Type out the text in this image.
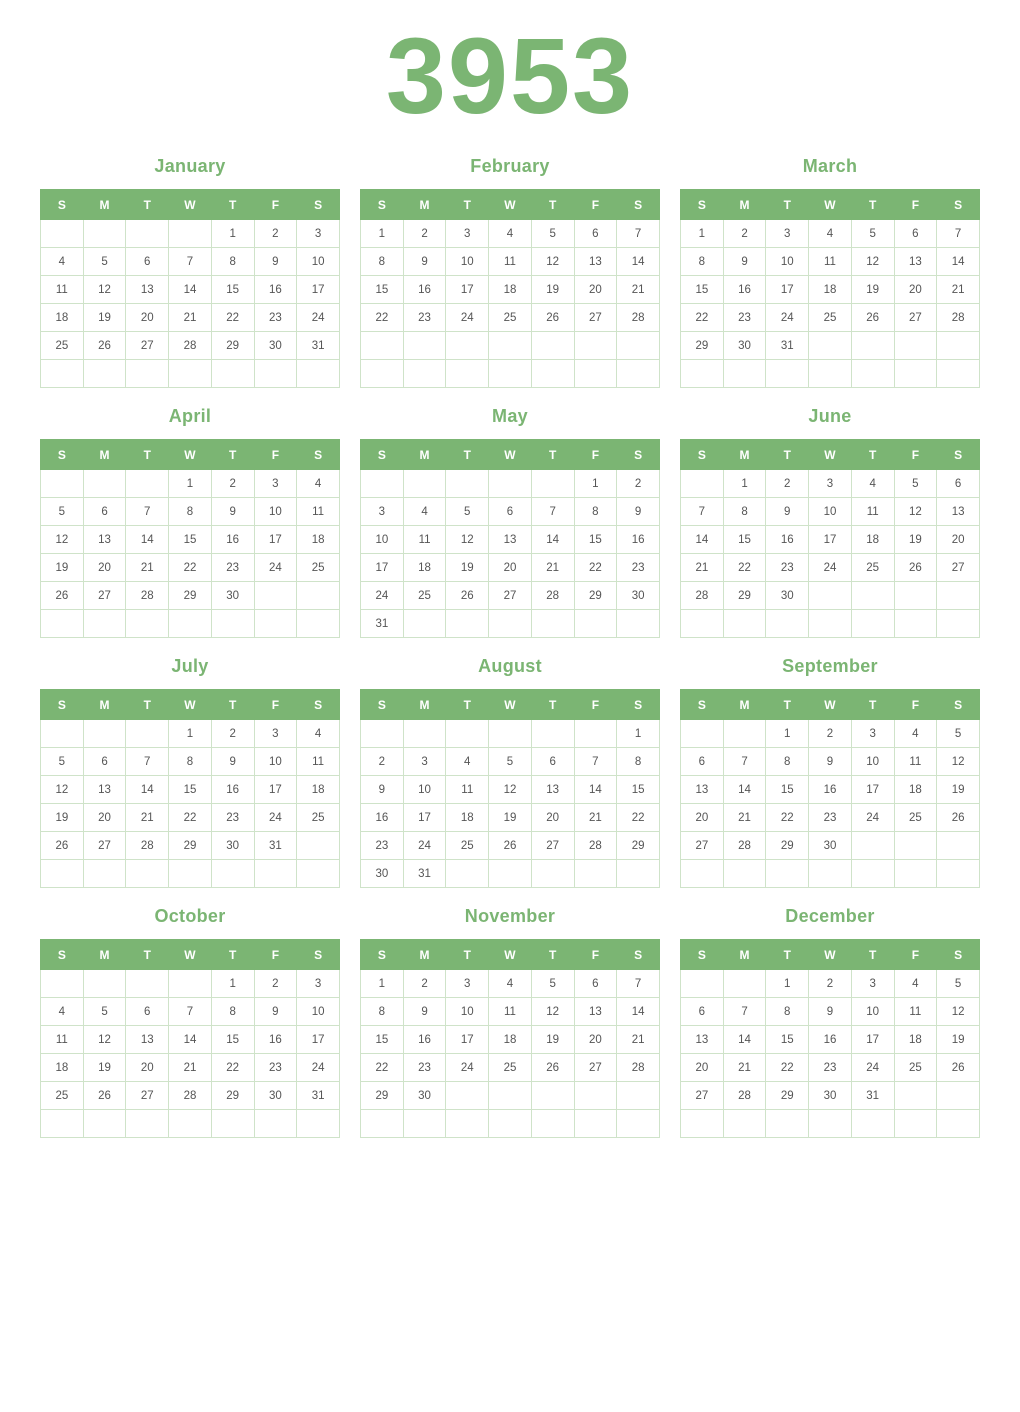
3953
January
S	M	T	W	T	F	S
				1	2	3
4	5	6	7	8	9	10
11	12	13	14	15	16	17
18	19	20	21	22	23	24
25	26	27	28	29	30	31

February
S	M	T	W	T	F	S
1	2	3	4	5	6	7
8	9	10	11	12	13	14
15	16	17	18	19	20	21
22	23	24	25	26	27	28

March
S	M	T	W	T	F	S
1	2	3	4	5	6	7
8	9	10	11	12	13	14
15	16	17	18	19	20	21
22	23	24	25	26	27	28
29	30	31				

April
S	M	T	W	T	F	S
			1	2	3	4
5	6	7	8	9	10	11
12	13	14	15	16	17	18
19	20	21	22	23	24	25
26	27	28	29	30		

May
S	M	T	W	T	F	S
					1	2
3	4	5	6	7	8	9
10	11	12	13	14	15	16
17	18	19	20	21	22	23
24	25	26	27	28	29	30
31						
June
S	M	T	W	T	F	S
	1	2	3	4	5	6
7	8	9	10	11	12	13
14	15	16	17	18	19	20
21	22	23	24	25	26	27
28	29	30				

July
S	M	T	W	T	F	S
			1	2	3	4
5	6	7	8	9	10	11
12	13	14	15	16	17	18
19	20	21	22	23	24	25
26	27	28	29	30	31	

August
S	M	T	W	T	F	S
						1
2	3	4	5	6	7	8
9	10	11	12	13	14	15
16	17	18	19	20	21	22
23	24	25	26	27	28	29
30	31					
September
S	M	T	W	T	F	S
		1	2	3	4	5
6	7	8	9	10	11	12
13	14	15	16	17	18	19
20	21	22	23	24	25	26
27	28	29	30			

October
S	M	T	W	T	F	S
				1	2	3
4	5	6	7	8	9	10
11	12	13	14	15	16	17
18	19	20	21	22	23	24
25	26	27	28	29	30	31

November
S	M	T	W	T	F	S
1	2	3	4	5	6	7
8	9	10	11	12	13	14
15	16	17	18	19	20	21
22	23	24	25	26	27	28
29	30					

December
S	M	T	W	T	F	S
		1	2	3	4	5
6	7	8	9	10	11	12
13	14	15	16	17	18	19
20	21	22	23	24	25	26
27	28	29	30	31		
